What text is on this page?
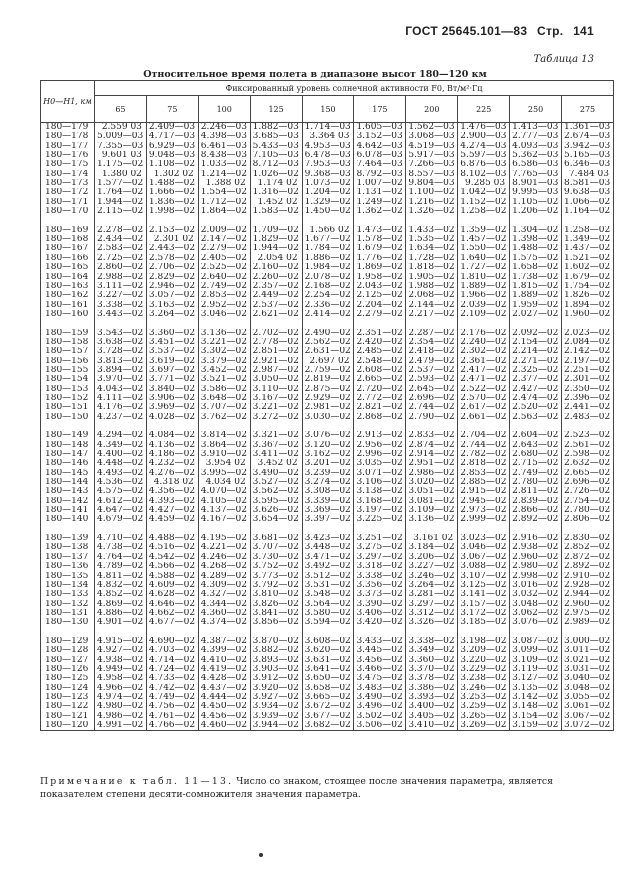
ГОСТ 25645.101—83 Стр. 141
Таблица 13
Относительное время полета в диапазоне высот 180—120 км
H0—H1, км	Фиксированный уровень солнечной активности F0, Вт/м²·Гц									
	65	75	100	125	150	175	200	225	250	275
180—179	2.559 03	2.409—03	2.246—03	1.882—03	1.714—03	1.605—03	1.562—03	1.476—03	1.413—03	1.361—03
180—178	5.009—03	4.717—03	4.398—03	3.685—03	3.364 03	3.152—03	3.068—03	2.900—03	2.777—03	2.674—03
180—177	7.355—03	6.929—03	6.461—03	5.433—03	4.953—03	4.642—03	4.519—03	4.274—03	4.093—03	3.942—03
180—176	9.601 03	9.048—03	8.438—03	7.105—03	6.478—03	6.078—03	5.917—03	5.597—03	5.362—03	5.165—03
180—175	1.175—02	1.108—02	1.033—02	8.712—03	7.953—03	7.464—03	7.266—03	6.876—03	6.586—03	6.346—03
180—174	1.380 02	1.302 02	1.214—02	1.026—02	9.368—03	8.792—03	8.557—03	8.102—03	7.765—03	7.484 03
180—173	1.577—02	1.488—02	1.388 02	1.174 02	1.073—02	1.007—02	9.804—03	9.285 03	8.901—03	8.581—03
180—172	1.764—02	1.666—02	1.554—02	1.316—02	1.204—02	1.131—02	1.100—02	1.042—02	9.995—03	9.638—03
180—171	1.944—02	1.836—02	1.712—02	1.452 02	1.329—02	1.249—02	1.216—02	1.152—02	1.105—02	1.066—02
180—170	2.115—02	1.998—02	1.864—02	1.583—02	1.450—02	1.362—02	1.326—02	1.258—02	1.206—02	1.164—02

180—169	2.278—02	2.153—02	2.009—02	1.709—02	1.566 02	1.473—02	1.433—02	1.359—02	1.304—02	1.258—02
180—168	2.434—02	2.301 02	2.147—02	1.829—02	1.677—02	1.578—02	1.535—02	1.457—02	1.398—02	1.349—02
180—167	2.583—02	2.443—02	2.279—02	1.944—02	1.784—02	1.679—02	1.634—02	1.550—02	1.488—02	1.437—02
180—166	2.725—02	2.578—02	2.405—02	2.054 02	1.886—02	1.776—02	1.728—02	1.640—02	1.575—02	1.521—02
180—165	2.860—02	2.706—02	2.525—02	2.160—02	1.984—02	1.869—02	1.818—02	1.727—02	1.658—02	1.602—02
180—164	2.988—02	2.829—02	2.640—02	2.260—02	2.078—02	1.958—02	1.905—02	1.810—02	1.738—02	1.679—02
180—163	3.111—02	2.946—02	2.749—02	2.357—02	2.168—02	2.043—02	1.988—02	1.889—02	1.815—02	1.754—02
180—162	3.227—02	3.057—02	2.853—02	2.449—02	2.254—02	2.125—02	2.068—02	1.966—02	1.889—02	1.826—02
180—161	3.338—02	3.163—02	2.952—02	2.537—02	2.336—02	2.204—02	2.144—02	2.039—02	1.959—02	1.894—02
180—160	3.443—02	3.264—02	3.046—02	2.621—02	2.414—02	2.279—02	2.217—02	2.109—02	2.027—02	1.960—02

180—159	3.543—02	3.360—02	3.136—02	2.702—02	2.490—02	2.351—02	2.287—02	2.176—02	2.092—02	2.023—02
180—158	3.638—02	3.451—02	3.221—02	2.778—02	2.562—02	2.420—02	2.354—02	2.240—02	2.154—02	2.084—02
180—157	3.728—02	3.537—02	3.302—02	2.851—02	2.631—02	2.485—02	2.418—02	2.302—02	2.214—02	2.142—02
180—156	3.813—02	3.619—02	3.379—02	2.921—02	2.697 02	2.548—02	2.479—02	2.361—02	2.271—02	2.197—02
180—155	3.894—02	3.697—02	3.452—02	2.987—02	2.759—02	2.608—02	2.537—02	2.417—02	2.325—02	2.251—02
180—154	3.970—02	3.771—02	3.521—02	3.050—02	2.819—02	2.665—02	2.593—02	2.471—02	2.377—02	2.301—02
180—153	4.043—02	3.840—02	3.586—02	3.110—02	2.875—02	2.720—02	2.645—02	2.522—02	2.427—02	2.350—02
180—152	4.111—02	3.906—02	3.648—02	3.167—02	2.929—02	2.772—02	2.696—02	2.570—02	2.474—02	2.396—02
180—151	4.176—02	3.969—02	3.707—02	3.221—02	2.981—02	2.821—02	2.744—02	2.617—02	2.520—02	2.441—02
180—150	4.237—02	4.028—02	3.762—02	3.272—02	3.030—02	2.868—02	2.790—02	2.661—02	2.563—02	2.483—02

180—149	4.294—02	4.084—02	3.814—02	3.321—02	3.076—02	2.913—02	2.833—02	2.704—02	2.604—02	2.523—02
180—148	4.349—02	4.136—02	3.864—02	3.367—02	3.120—02	2.956—02	2.874—02	2.744—02	2.643—02	2.561—02
180—147	4.400—02	4.186—02	3.910—02	3.411—02	3.162—02	2.996—02	2.914—02	2.782—02	2.680—02	2.598—02
180—146	4.448—02	4.232—02	3.954 02	3.452 02	3.201—02	3.035—02	2.951—02	2.818—02	2.715—02	2.632—02
180—145	4.493—02	4.276—02	3.995—02	3.490—02	3.239—02	3.071—02	2.986—02	2.853—02	2.749—02	2.665—02
180—144	4.536—02	4.318 02	4.034 02	3.527—02	3.274—02	3.106—02	3.020—02	2.885—02	2.780—02	2.696—02
180—143	4.575—02	4.356—02	4.070—02	3.562—02	3.308—02	3.138—02	3.051—02	2.915—02	2.811—02	2.726—02
180—142	4.612—02	4.393—02	4.105—02	3.595—02	3.339—02	3.168—02	3.081—02	2.945—02	2.839—02	2.754—02
180—141	4.647—02	4.427—02	4.137—02	3.626—02	3.369—02	3.197—02	3.109—02	2.973—02	2.866—02	2.780—02
180—140	4.679—02	4.459—02	4.167—02	3.654—02	3.397—02	3.225—02	3.136—02	2.999—02	2.892—02	2.806—02

180—139	4.710—02	4.488—02	4.195—02	3.681—02	3.423—02	3.251—02	3.161 02	3.023—02	2.916—02	2.830—02
180—138	4.738—02	4.516—02	4.221—02	3.707—02	3.448—02	3.275—02	3.184—02	3.046—02	2.938—02	2.852—02
180—137	4.764—02	4.542—02	4.246—02	3.730—02	3.471—02	3.297—02	3.206—02	3.067—02	2.960—02	2.872—02
180—136	4.789—02	4.566—02	4.268—02	3.752—02	3.492—02	3.318—02	3.227—02	3.088—02	2.980—02	2.892—02
180—135	4.811—02	4.588—02	4.289—02	3.773—02	3.512—02	3.338—02	3.246—02	3.107—02	2.998—02	2.910—02
180—134	4.832—02	4.609—02	4.309—02	3.792—02	3.531—02	3.356—02	3.264—02	3.125—02	3.016—02	2.928—02
180—133	4.852—02	4.628—02	4.327—02	3.810—02	3.548—02	3.373—02	3.281—02	3.141—02	3.032—02	2.944—02
180—132	4.869—02	4.646—02	4.344—02	3.826—02	3.564—02	3.390—02	3.297—02	3.157—02	3.048—02	2.960—02
180—131	4.886—02	4.662—02	4.360—02	3.841—02	3.580—02	3.406—02	3.312—02	3.172—02	3.062—02	2.975—02
180—130	4.901—02	4.677—02	4.374—02	3.856—02	3.594—02	3.420—02	3.326—02	3.185—02	3.076—02	2.989—02

180—129	4.915—02	4.690—02	4.387—02	3.870—02	3.608—02	3.433—02	3.338—02	3.198—02	3.087—02	3.000—02
180—128	4.927—02	4.703—02	4.399—02	3.882—02	3.620—02	3.445—02	3.349—02	3.209—02	3.099—02	3.011—02
180—127	4.938—02	4.714—02	4.410—02	3.893—02	3.631—02	3.456—02	3.360—02	3.220—02	3.109—02	3.021—02
180—126	4.949—02	4.724—02	4.419—02	3.903—02	3.641—02	3.466—02	3.370—02	3.229—02	3.119—02	3.031—02
180—125	4.958—02	4.733—02	4.428—02	3.912—02	3.650—02	3.475—02	3.378—02	3.238—02	3.127—02	3.040—02
180—124	4.966—02	4.742—02	4.437—02	3.920—02	3.658—02	3.483—02	3.386—02	3.246—02	3.135—02	3.048—02
180—123	4.974—02	4.749—02	4.444—02	3.927—02	3.665—02	3.490—02	3.393—02	3.253—02	3.142—02	3.055—02
180—122	4.980—02	4.756—02	4.450—02	3.934—02	3.672—02	3.496—02	3.400—02	3.259—02	3.148—02	3.061—02
180—121	4.986—02	4.761—02	4.456—02	3.939—02	3.677—02	3.502—02	3.405—02	3.265—02	3.154—02	3.067—02
180—120	4.991—02	4.766—02	4.460—02	3.944—02	3.682—02	3.506—02	3.410—02	3.269—02	3.159—02	3.072—02
Примечание к табл. 11—13. Число со знаком, стоящее после значения параметра, является показателем степени десяти-сомножителя значения параметра.
